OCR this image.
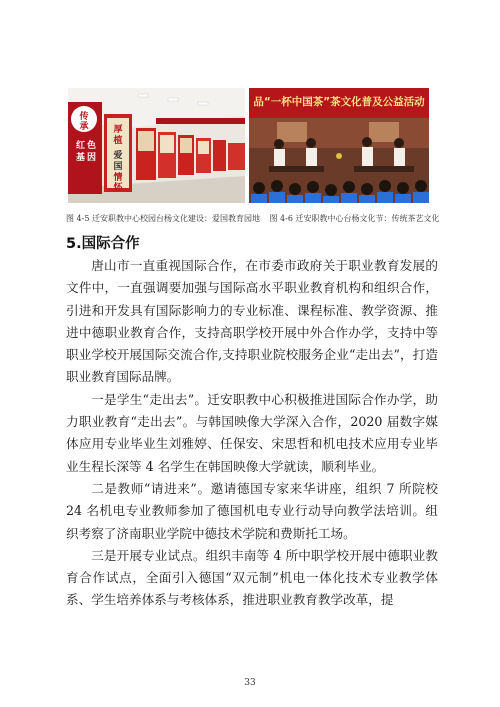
传
承
红 色
基 因
厚
植
爱
国
情
怀
品“一杯中国茶”茶文化普及公益活动
图 4-5 迁安职教中心校园台杨文化建设：爱国教育园地 图 4-6 迁安职教中心台杨文化节：传统茶艺文化
5.国际合作

唐山市一直重视国际合作，在市委市政府关于职业教育发展的文件中，一直强调要加强与国际高水平职业教育机构和组织合作，引进和开发具有国际影响力的专业标准、课程标准、教学资源、推进中德职业教育合作，支持高职学校开展中外合作办学，支持中等职业学校开展国际交流合作,支持职业院校服务企业“走出去”，打造职业教育国际品牌。

一是学生“走出去”。迁安职教中心积极推进国际合作办学，助力职业教育“走出去”。与韩国映像大学深入合作，2020 届数字媒体应用专业毕业生刘雅婷、任保安、宋思哲和机电技术应用专业毕业生程长深等 4 名学生在韩国映像大学就读，顺利毕业。

二是教师“请进来”。邀请德国专家来华讲座，组织 7 所院校 24 名机电专业教师参加了德国机电专业行动导向教学法培训。组织考察了济南职业学院中德技术学院和费斯托工场。

三是开展专业试点。组织丰南等 4 所中职学校开展中德职业教育合作试点，全面引入德国“双元制”机电一体化技术专业教学体系、学生培养体系与考核体系，推进职业教育教学改革，提

33
